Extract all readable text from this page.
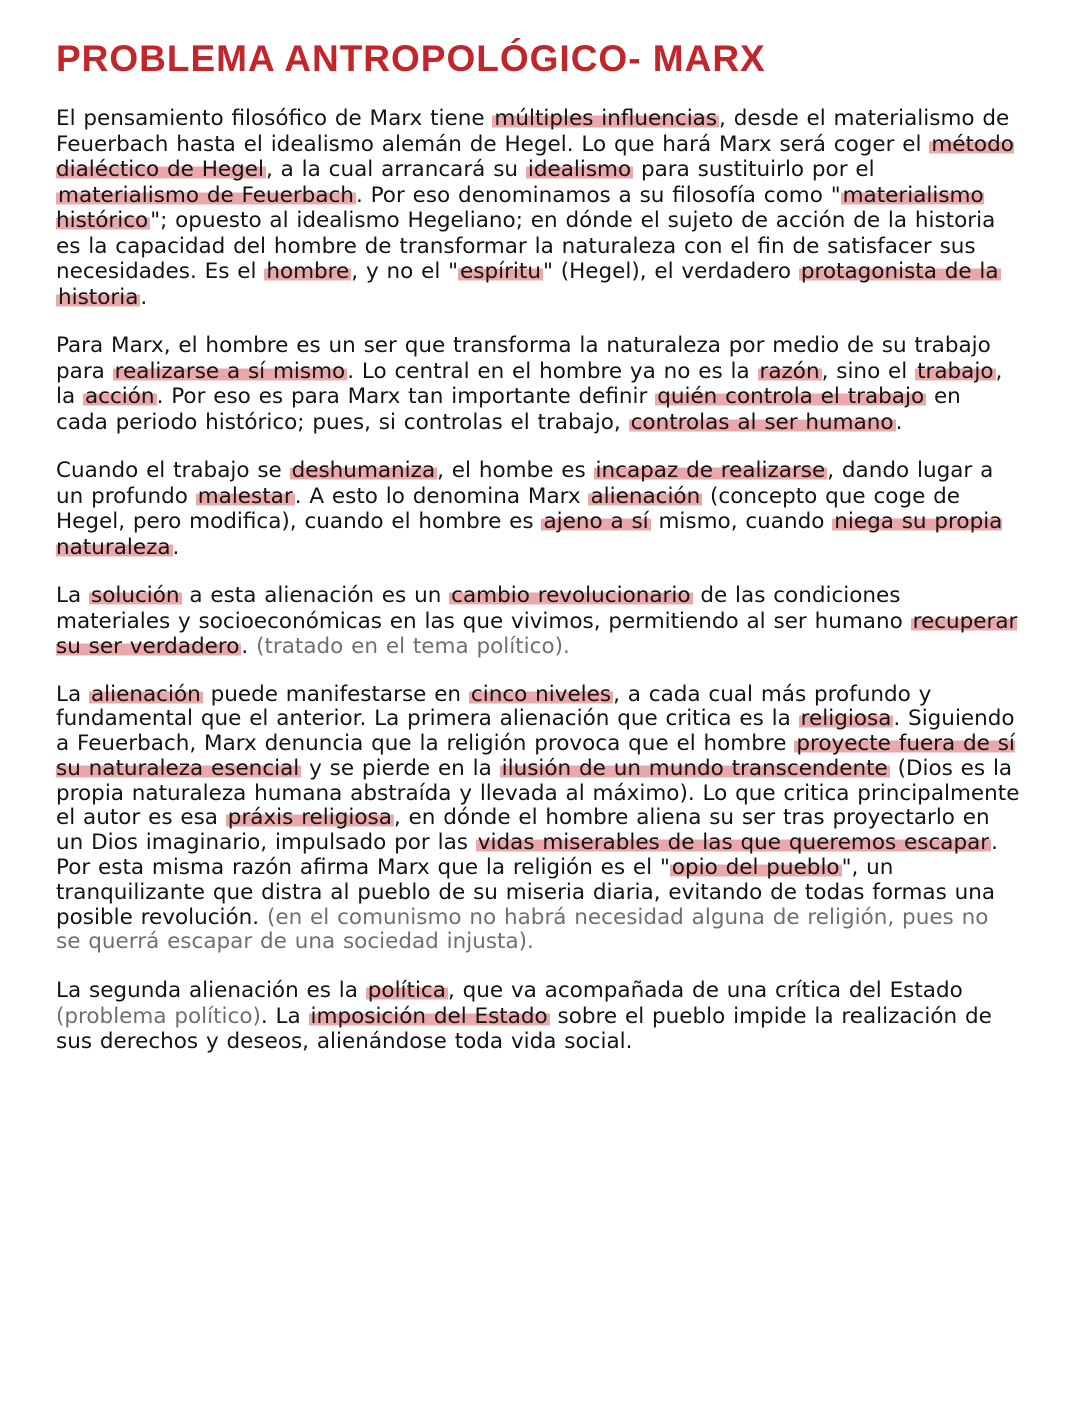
PROBLEMA ANTROPOLÓGICO- MARX

El pensamiento filosófico de Marx tiene múltiples influencias, desde el materialismo de Feuerbach hasta el idealismo alemán de Hegel. Lo que hará Marx será coger el método dialéctico de Hegel, a la cual arrancará su idealismo para sustituirlo por el materialismo de Feuerbach. Por eso denominamos a su filosofía como "materialismo histórico"; opuesto al idealismo Hegeliano; en dónde el sujeto de acción de la historia es la capacidad del hombre de transformar la naturaleza con el fin de satisfacer sus necesidades. Es el hombre, y no el "espíritu" (Hegel), el verdadero protagonista de la historia.

Para Marx, el hombre es un ser que transforma la naturaleza por medio de su trabajo para realizarse a sí mismo. Lo central en el hombre ya no es la razón, sino el trabajo, la acción. Por eso es para Marx tan importante definir quién controla el trabajo en cada periodo histórico; pues, si controlas el trabajo, controlas al ser humano.

Cuando el trabajo se deshumaniza, el hombe es incapaz de realizarse, dando lugar a un profundo malestar. A esto lo denomina Marx alienación (concepto que coge de Hegel, pero modifica), cuando el hombre es ajeno a sí mismo, cuando niega su propia naturaleza.

La solución a esta alienación es un cambio revolucionario de las condiciones materiales y socioeconómicas en las que vivimos, permitiendo al ser humano recuperar su ser verdadero. (tratado en el tema político).

La alienación puede manifestarse en cinco niveles, a cada cual más profundo y fundamental que el anterior. La primera alienación que critica es la religiosa. Siguiendo a Feuerbach, Marx denuncia que la religión provoca que el hombre proyecte fuera de sí su naturaleza esencial y se pierde en la ilusión de un mundo transcendente (Dios es la propia naturaleza humana abstraída y llevada al máximo). Lo que critica principalmente el autor es esa práxis religiosa, en dónde el hombre aliena su ser tras proyectarlo en un Dios imaginario, impulsado por las vidas miserables de las que queremos escapar. Por esta misma razón afirma Marx que la religión es el "opio del pueblo", un tranquilizante que distra al pueblo de su miseria diaria, evitando de todas formas una posible revolución. (en el comunismo no habrá necesidad alguna de religión, pues no se querrá escapar de una sociedad injusta).

La segunda alienación es la política, que va acompañada de una crítica del Estado (problema político). La imposición del Estado sobre el pueblo impide la realización de sus derechos y deseos, alienándose toda vida social.
